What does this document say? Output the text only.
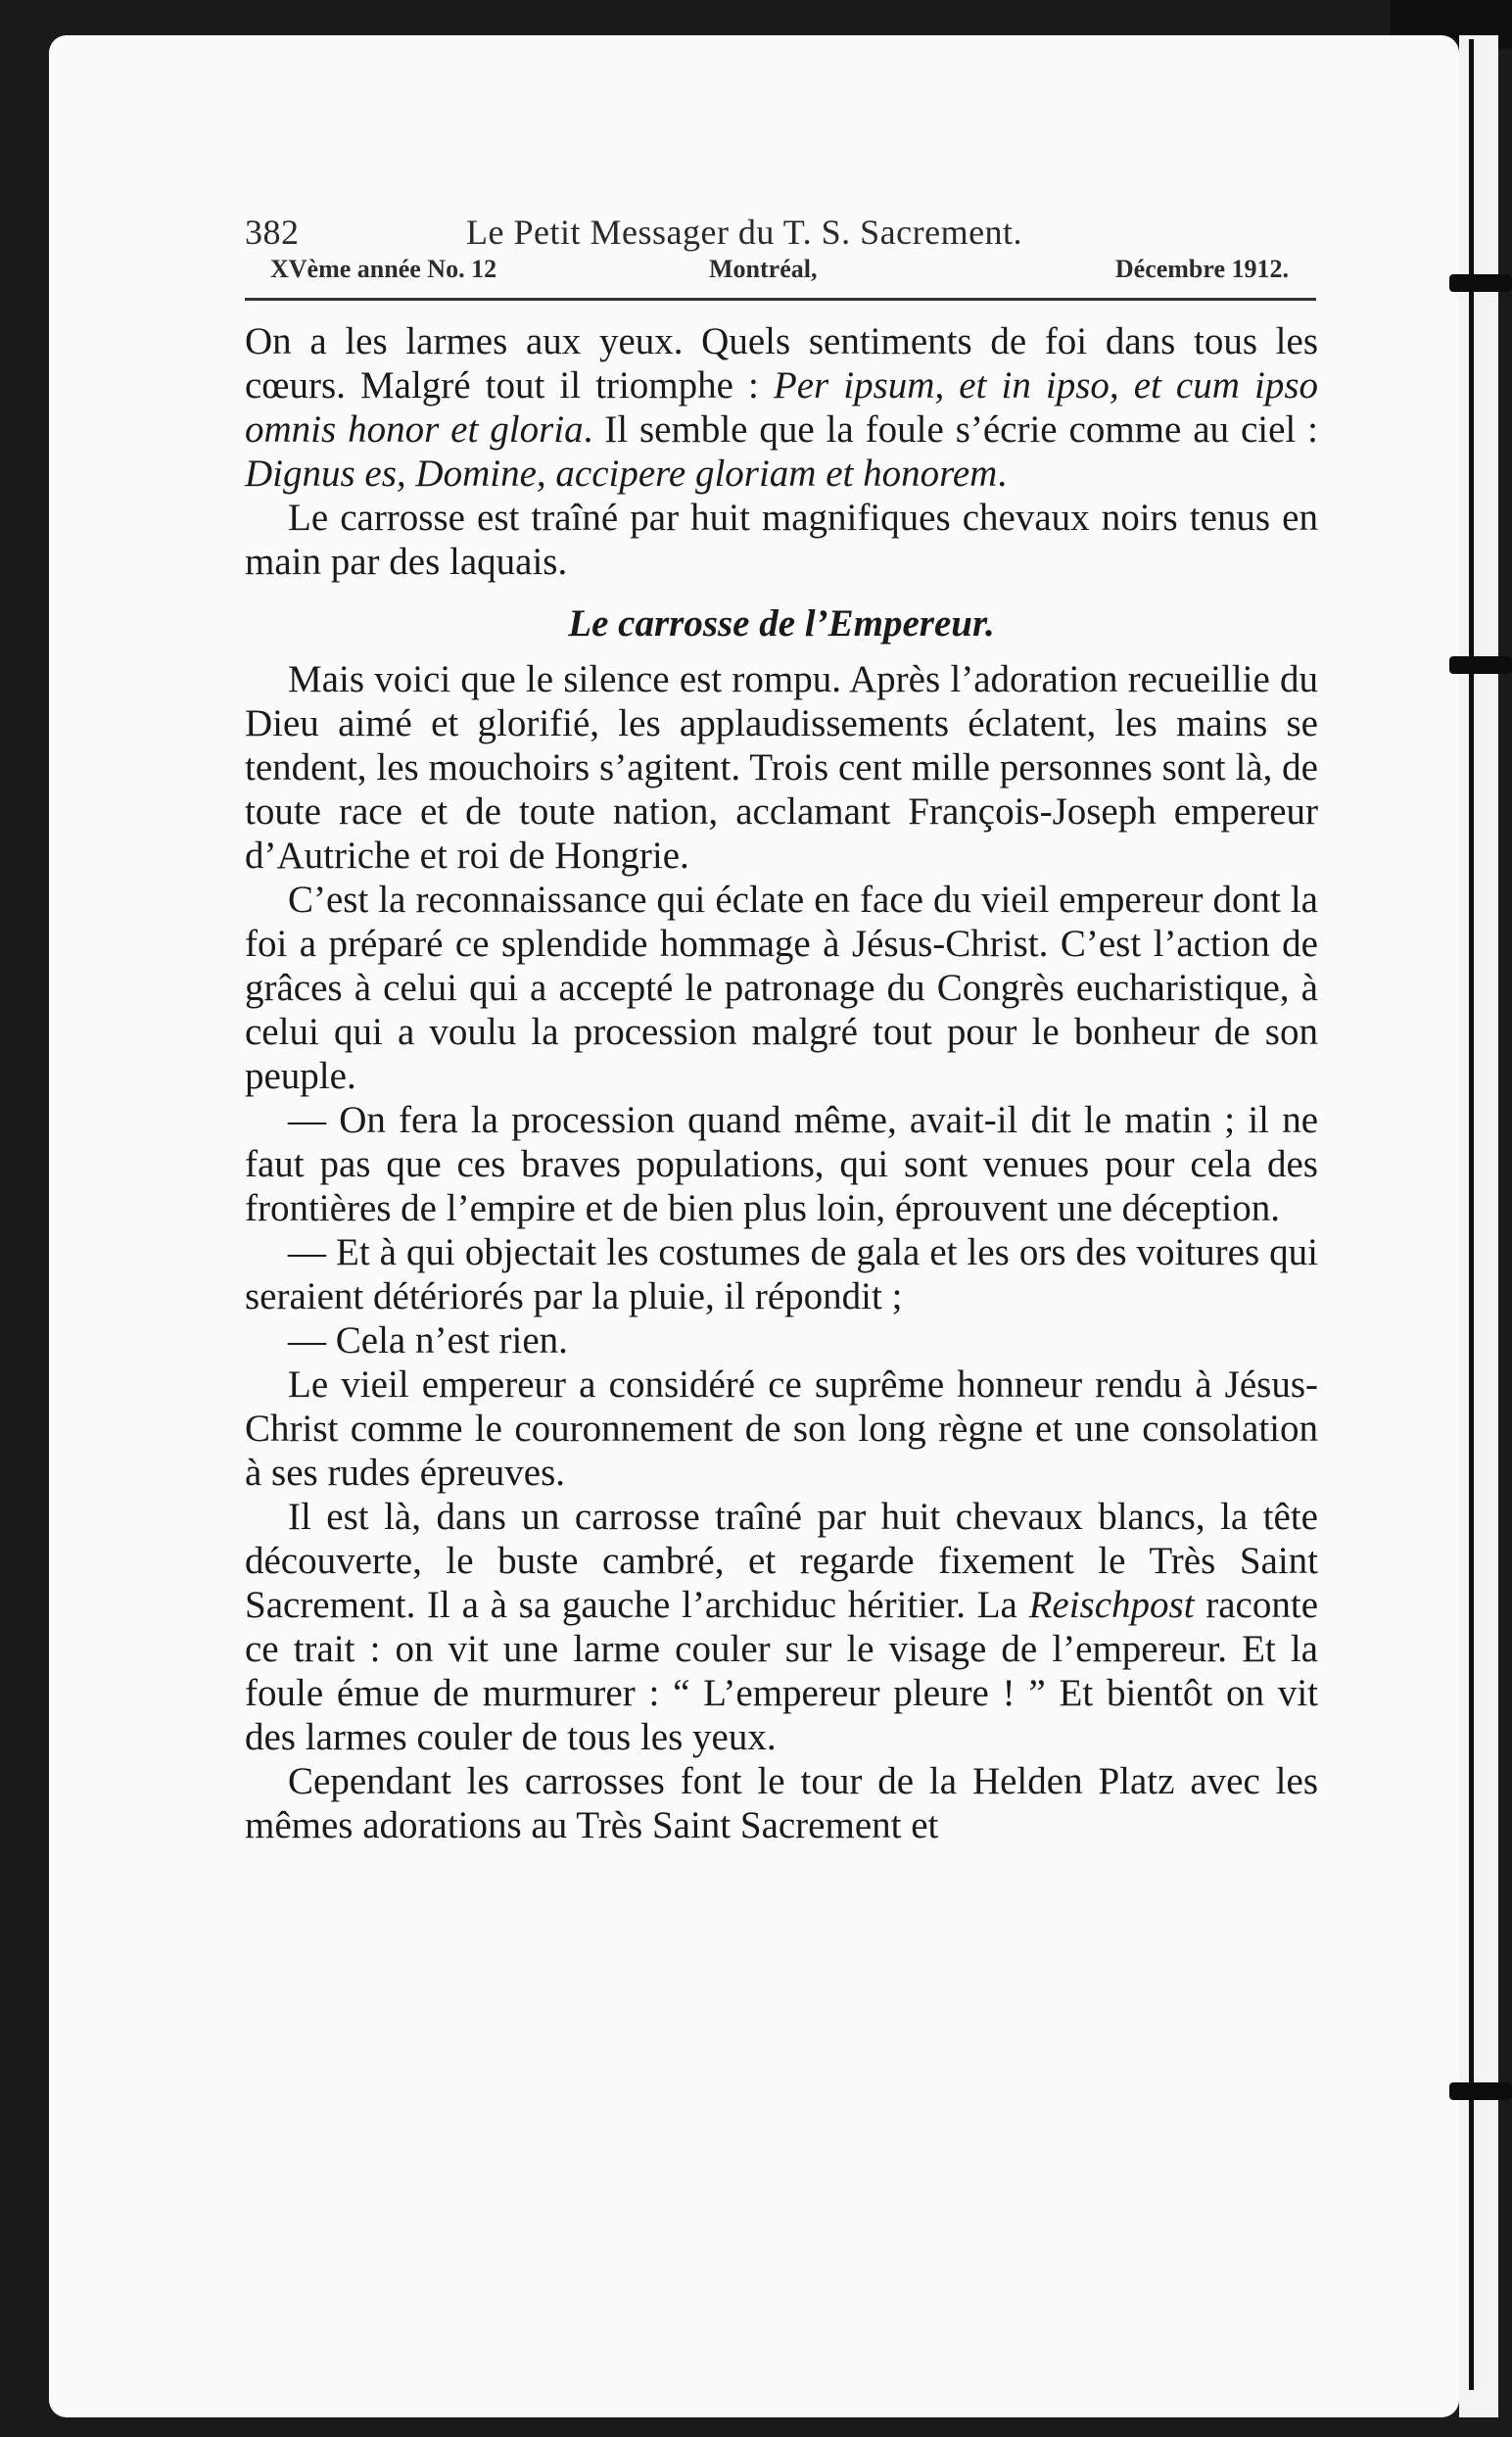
382	Le Petit Messager du T. S. Sacrement.
XVème année No. 12	Montréal,	Décembre 1912.

On a les larmes aux yeux. Quels sentiments de foi dans tous les cœurs. Malgré tout il triomphe : Per ipsum, et in ipso, et cum ipso omnis honor et gloria. Il semble que la foule s’écrie comme au ciel : Dignus es, Domine, accipere gloriam et honorem.

Le carrosse est traîné par huit magnifiques chevaux noirs tenus en main par des laquais.

Le carrosse de l’Empereur.

Mais voici que le silence est rompu. Après l’adoration recueillie du Dieu aimé et glorifié, les applaudissements éclatent, les mains se tendent, les mouchoirs s’agitent. Trois cent mille personnes sont là, de toute race et de toute nation, acclamant François-Joseph empereur d’Autriche et roi de Hongrie.

C’est la reconnaissance qui éclate en face du vieil empereur dont la foi a préparé ce splendide hommage à Jésus-Christ. C’est l’action de grâces à celui qui a accepté le patronage du Congrès eucharistique, à celui qui a voulu la procession malgré tout pour le bonheur de son peuple.

— On fera la procession quand même, avait-il dit le matin ; il ne faut pas que ces braves populations, qui sont venues pour cela des frontières de l’empire et de bien plus loin, éprouvent une déception.

— Et à qui objectait les costumes de gala et les ors des voitures qui seraient détériorés par la pluie, il répondit ;

— Cela n’est rien.

Le vieil empereur a considéré ce suprême honneur rendu à Jésus-Christ comme le couronnement de son long règne et une consolation à ses rudes épreuves.

Il est là, dans un carrosse traîné par huit chevaux blancs, la tête découverte, le buste cambré, et regarde fixement le Très Saint Sacrement. Il a à sa gauche l’archiduc héritier. La Reischpost raconte ce trait : on vit une larme couler sur le visage de l’empereur. Et la foule émue de murmurer : “ L’empereur pleure ! ” Et bientôt on vit des larmes couler de tous les yeux.

Cependant les carrosses font le tour de la Helden Platz avec les mêmes adorations au Très Saint Sacrement et
